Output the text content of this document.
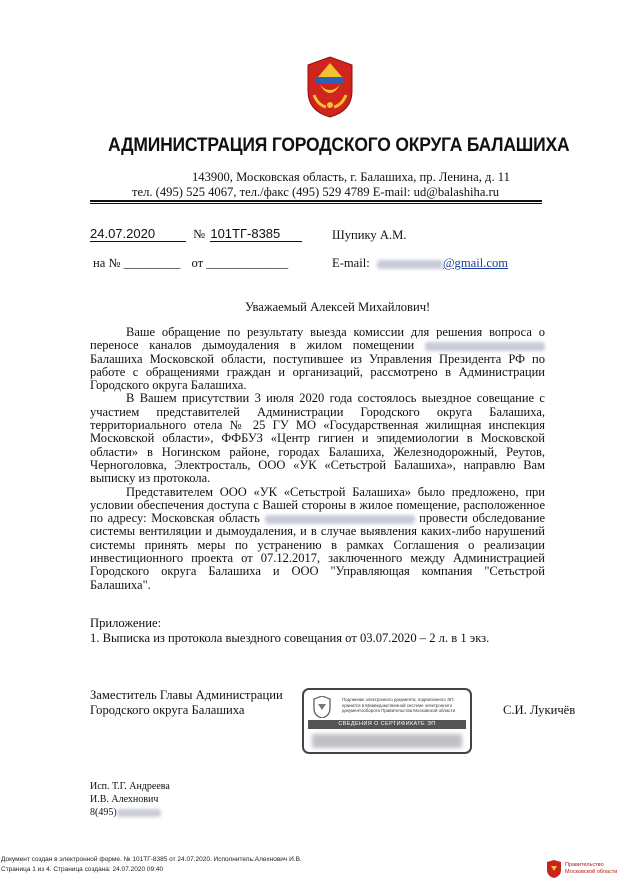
АДМИНИСТРАЦИЯ ГОРОДСКОГО ОКРУГА БАЛАШИХА
143900, Московская область, г. Балашиха, пр. Ленина, д. 11
тел. (495) 525 4067, тел./факс (495) 529 4789 E-mail: ud@balashiha.ru
24.07.2020	№ 101ТГ-8385	Шупику А.М.
на № _________ от _____________	E-mail:	@gmail.com
Уважаемый Алексей Михайлович!

Ваше обращение по результату выезда комиссии для решения вопроса о переносе каналов дымоудаления в жилом помещении  Балашиха Московской области, поступившее из Управления Президента РФ по работе с обращениями граждан и организаций, рассмотрено в Администрации Городского округа Балашиха.

В Вашем присутствии 3 июля 2020 года состоялось выездное совещание с участием представителей Администрации Городского округа Балашиха, территориального отела № 25 ГУ МО «Государственная жилищная инспекция Московской области», ФФБУЗ «Центр гигиен и эпидемиологии в Московской области» в Ногинском районе, городах Балашиха, Железнодорожный, Реутов, Черноголовка, Электросталь, ООО «УК «Сетьстрой Балашиха», направлю Вам выписку из протокола.

Представителем ООО «УК «Сетьстрой Балашиха» было предложено, при условии обеспечения доступа с Вашей стороны в жилое помещение, расположенное по адресу: Московская область	провести обследование системы вентиляции и дымоудаления, и в случае выявления каких-либо нарушений системы принять меры по устранению в рамках Соглашения о реализации инвестиционного проекта от 07.12.2017, заключенного между Администрацией Городского округа Балашиха и ООО "Управляющая компания "Сетьстрой Балашиха".

Приложение:
1. Выписка из протокола выездного совещания от 03.07.2020 – 2 л. в 1 экз.
Заместитель Главы Администрации
Городского округа Балашиха
Подлинник электронного документа, подписанного ЭП, хранится в Межведомственной системе электронного документооборота Правительства Московской области
СВЕДЕНИЯ О СЕРТИФИКАТЕ ЭП
С.И. Лукичёв
Исп. Т.Г. Андреева
И.В. Алехнович
8(495)
Документ создан в электронной форме. № 101ТГ-8385 от 24.07.2020. Исполнитель:Алехнович И.В.
Страница 1 из 4. Страница создана: 24.07.2020 09:40
Правительство
Московской области
